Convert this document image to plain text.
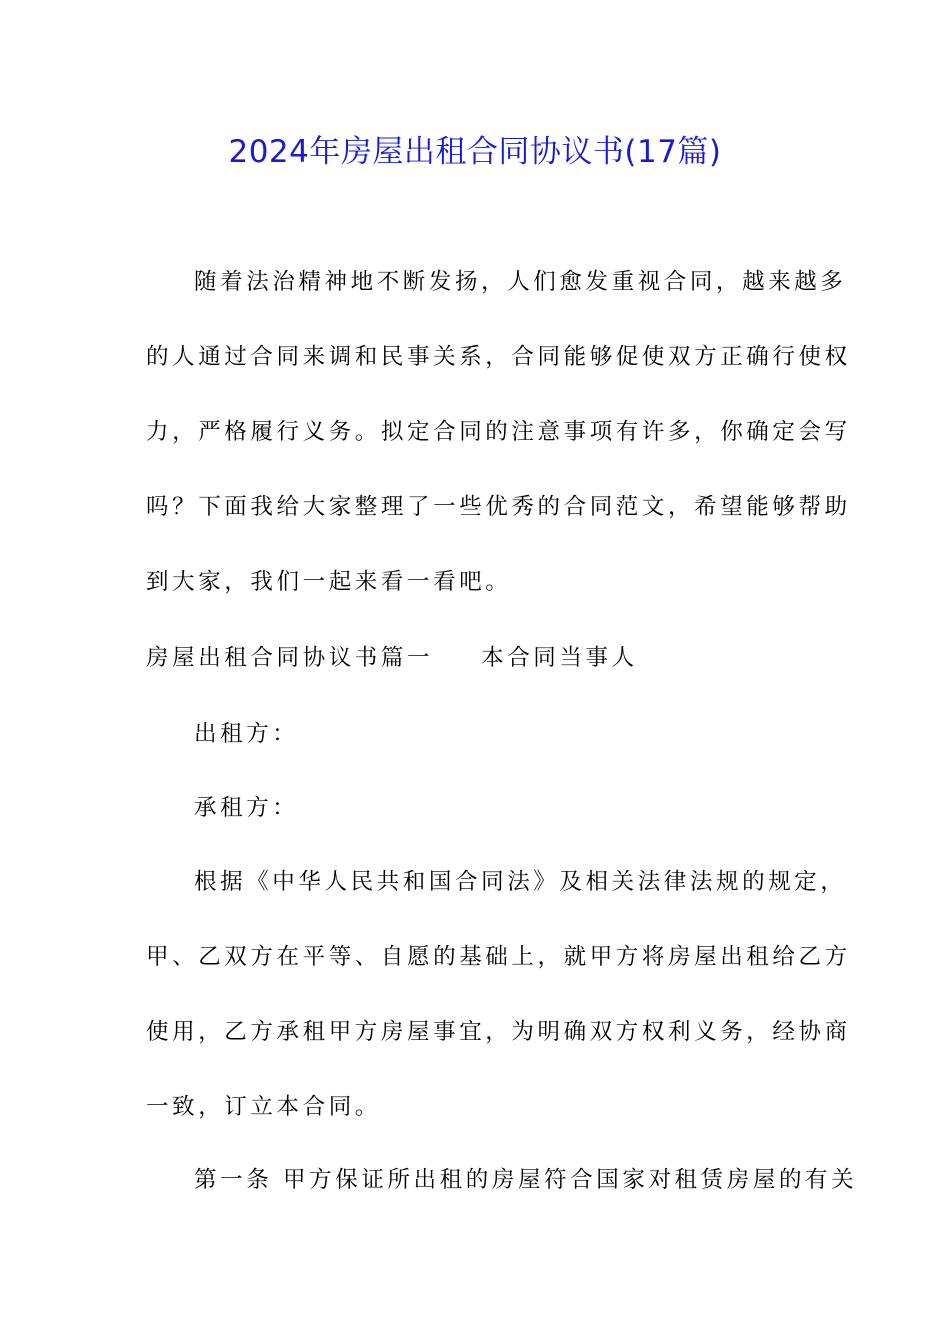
2024年房屋出租合同协议书(17篇)
随着法治精神地不断发扬，人们愈发重视合同，越来越多
的人通过合同来调和民事关系，合同能够促使双方正确行使权
力，严格履行义务。拟定合同的注意事项有许多，你确定会写
吗？下面我给大家整理了一些优秀的合同范文，希望能够帮助
到大家，我们一起来看一看吧。
房屋出租合同协议书篇一 本合同当事人
出租方：
承租方：
根据《中华人民共和国合同法》及相关法律法规的规定，
甲、乙双方在平等、自愿的基础上，就甲方将房屋出租给乙方
使用，乙方承租甲方房屋事宜，为明确双方权利义务，经协商
一致，订立本合同。
第一条 甲方保证所出租的房屋符合国家对租赁房屋的有关
